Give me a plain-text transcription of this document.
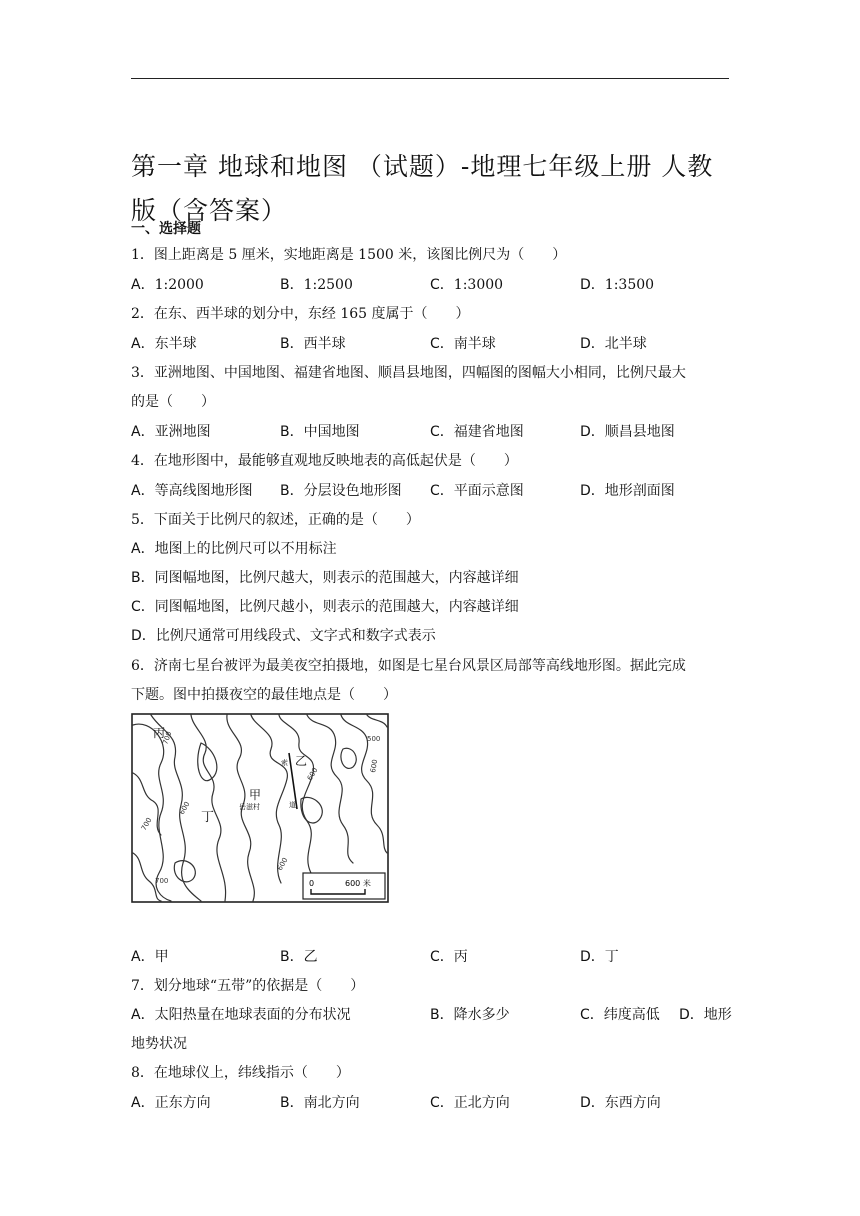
第一章 地球和地图 （试题）-地理七年级上册 人教
版（含答案）
一、选择题
1．图上距离是 5 厘米，实地距离是 1500 米，该图比例尺为（　　）
A．1:2000	B．1:2500	C．1:3000	D．1:3500
2．在东、西半球的划分中，东经 165 度属于（　　）
A．东半球	B．西半球	C．南半球	D．北半球
3．亚洲地图、中国地图、福建省地图、顺昌县地图，四幅图的图幅大小相同，比例尺最大
的是（　　）
A．亚洲地图	B．中国地图	C．福建省地图	D．顺昌县地图
4．在地形图中，最能够直观地反映地表的高低起伏是（　　）
A．等高线图地形图 B．分层设色地形图 C．平面示意图	D．地形剖面图
5．下面关于比例尺的叙述，正确的是（　　）
A．地图上的比例尺可以不用标注
B．同图幅地图，比例尺越大，则表示的范围越大，内容越详细
C．同图幅地图，比例尺越小，则表示的范围越大，内容越详细
D．比例尺通常可用线段式、文字式和数字式表示
6．济南七星台被评为最美夜空拍摄地，如图是七星台风景区局部等高线地形图。据此完成
下题。图中拍摄夜空的最佳地点是（　　）
丙
乙
甲
岳滋村
丁
索
道
700	500
600
600
700
600
700
600
0	600 米
A．甲	B．乙	C．丙	D．丁
7．划分地球“五带”的依据是（　　）
A．太阳热量在地球表面的分布状况	B．降水多少	C．纬度高低 D．地形
地势状况
8．在地球仪上，纬线指示（　　）
A．正东方向	B．南北方向	C．正北方向	D．东西方向
